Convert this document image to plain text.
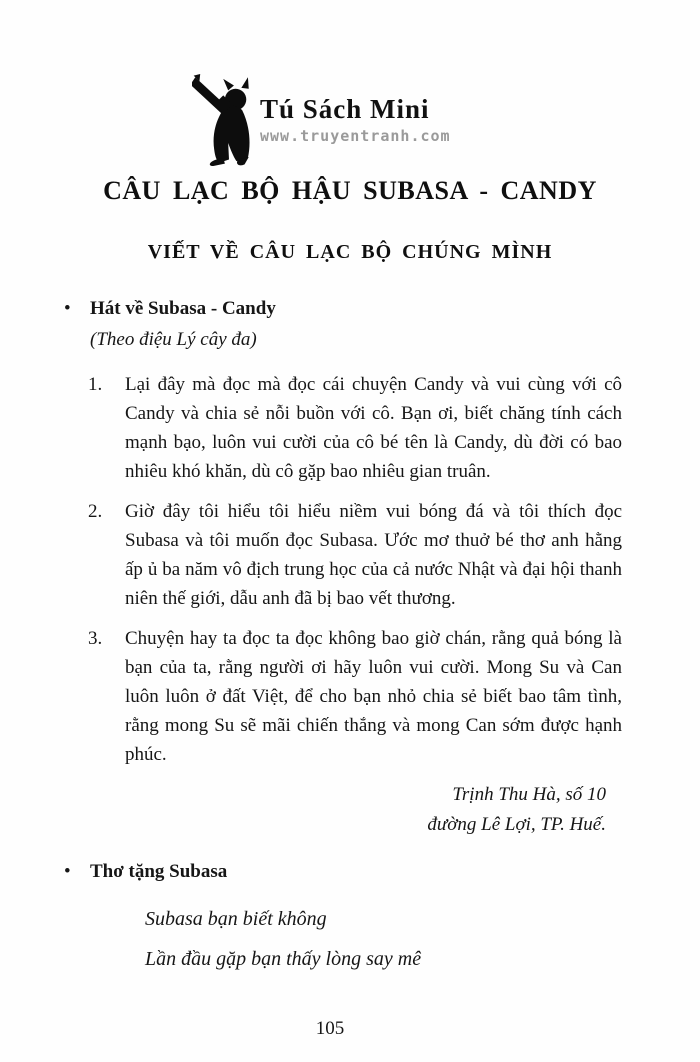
Tú Sách Mini
www.truyentranh.com
CÂU LẠC BỘ HẬU SUBASA - CANDY
VIẾT VỀ CÂU LẠC BỘ CHÚNG MÌNH
•	Hát về Subasa - Candy
(Theo điệu Lý cây đa)
1.	Lại đây mà đọc mà đọc cái chuyện Candy và vui cùng với cô Candy và chia sẻ nỗi buồn với cô. Bạn ơi, biết chăng tính cách mạnh bạo, luôn vui cười của cô bé tên là Candy, dù đời có bao nhiêu khó khăn, dù cô gặp bao nhiêu gian truân.

2.	Giờ đây tôi hiểu tôi hiểu niềm vui bóng đá và tôi thích đọc Subasa và tôi muốn đọc Subasa. Ước mơ thuở bé thơ anh hằng ấp ủ ba năm vô địch trung học của cả nước Nhật và đại hội thanh niên thế giới, dẫu anh đã bị bao vết thương.

3.	Chuyện hay ta đọc ta đọc không bao giờ chán, rằng quả bóng là bạn của ta, rằng người ơi hãy luôn vui cười. Mong Su và Can luôn luôn ở đất Việt, để cho bạn nhỏ chia sẻ biết bao tâm tình, rằng mong Su sẽ mãi chiến thắng và mong Can sớm được hạnh phúc.

Trịnh Thu Hà, số 10
đường Lê Lợi, TP. Huế.
•	Thơ tặng Subasa
Subasa bạn biết không
Lần đầu gặp bạn thấy lòng say mê
105
